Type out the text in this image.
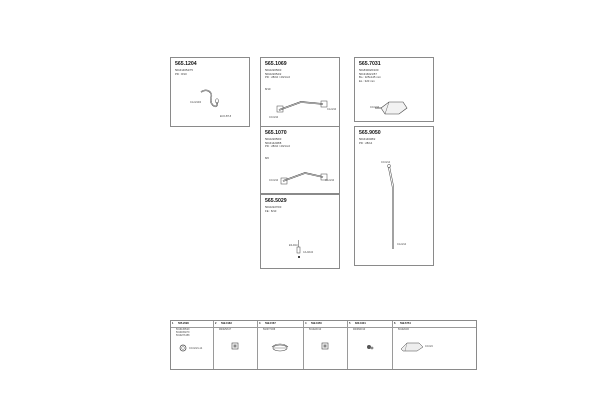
565.1204
501614654/75
PD : 8/10
CG-9/10/0
ECO-BT-8
565.1069
501022056/0
501022052/2
PD : 28/10 / 29/14-0
8/10
CO-9/10
CG-9/10
565.7031
501830020/100
501316021/57
Bo : 325x145 mm
EL : 320 mm
CO-9/10
565.1070
501022056/0
501614238/8
PD : 28/10 / 29/14-0
8/0
CO-9/10	CG-9/10
565.9050
501614638/2
PD : 28/14
CO-9/14
CG-9/14
565.5029
501022270/0
FE : 8/10
ES-9/10
CA-9/104
1 565.2096
501614554/0
501016527/0
501027/1258
CO-9/4/1-14
2 599.0183
990025/107
3 599.1567
5020774/68
4 599.0450
5010220/10
5 820.0401
9000600/10
6 599.6754
5010204/6
CO-9/4
